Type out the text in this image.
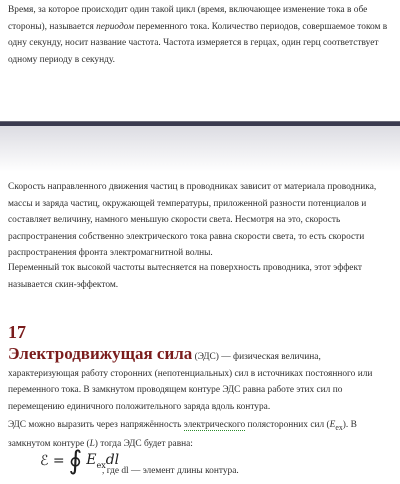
Время, за которое происходит один такой цикл (время, включающее изменение тока в обе стороны), называется периодом переменного тока. Количество периодов, совершаемое током в одну секунду, носит название частота. Частота измеряется в герцах, один герц соответствует одному периоду в секунду.

Скорость направленного движения частиц в проводниках зависит от материала проводника, массы и заряда частиц, окружающей температуры, приложенной разности потенциалов и составляет величину, намного меньшую скорости света. Несмотря на это, скорость распространения собственно электрического тока равна скорости света, то есть скорости распространения фронта электромагнитной волны.

Переменный ток высокой частоты вытесняется на поверхность проводника, этот эффект называется скин-эффектом.

17
Электродвижущая сила (ЭДС) — физическая величина, характеризующая работу сторонних (непотенциальных) сил в источниках постоянного или переменного тока. В замкнутом проводящем контуре ЭДС равна работе этих сил по перемещению единичного положительного заряда вдоль контура.

ЭДС можно выразить через напряжённость электрического полясторонних сил $(E_{ex})$. В замкнутом контуре (L) тогда ЭДС будет равна:

ℰ = ∮ $E_{ex}dl$
, где dl — элемент длины контура.
